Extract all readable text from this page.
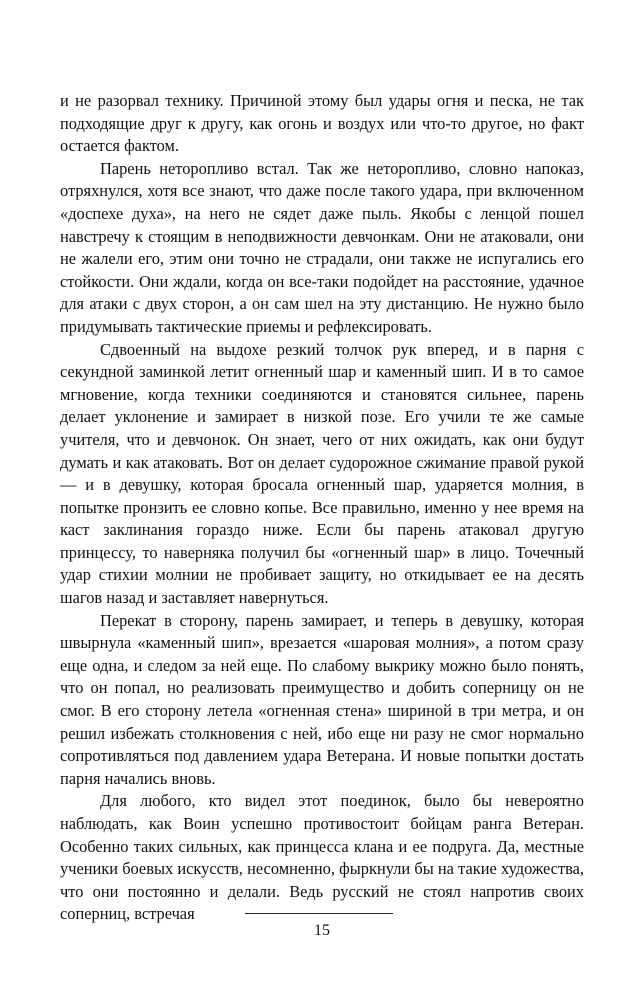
и не разорвал технику. Причиной этому был удары огня и песка, не так подходящие друг к другу, как огонь и воздух или что-то другое, но факт остается фактом.

Парень неторопливо встал. Так же неторопливо, словно напоказ, отряхнулся, хотя все знают, что даже после такого удара, при включенном «доспехе духа», на него не сядет даже пыль. Якобы с ленцой пошел навстречу к стоящим в неподвижности девчонкам. Они не атаковали, они не жалели его, этим они точно не страдали, они также не испугались его стойкости. Они ждали, когда он все-таки подойдет на расстояние, удачное для атаки с двух сторон, а он сам шел на эту дистанцию. Не нужно было придумывать тактические приемы и рефлексировать.

Сдвоенный на выдохе резкий толчок рук вперед, и в парня с секундной заминкой летит огненный шар и каменный шип. И в то самое мгновение, когда техники соединяются и становятся сильнее, парень делает уклонение и замирает в низкой позе. Его учили те же самые учителя, что и девчонок. Он знает, чего от них ожидать, как они будут думать и как атаковать. Вот он делает судорожное сжимание правой рукой — и в девушку, которая бросала огненный шар, ударяется молния, в попытке пронзить ее словно копье. Все правильно, именно у нее время на каст заклинания гораздо ниже. Если бы парень атаковал другую принцессу, то наверняка получил бы «огненный шар» в лицо. Точечный удар стихии молнии не пробивает защиту, но откидывает ее на десять шагов назад и заставляет навернуться.

Перекат в сторону, парень замирает, и теперь в девушку, которая швырнула «каменный шип», врезается «шаровая молния», а потом сразу еще одна, и следом за ней еще. По слабому выкрику можно было понять, что он попал, но реализовать преимущество и добить соперницу он не смог. В его сторону летела «огненная стена» шириной в три метра, и он решил избежать столкновения с ней, ибо еще ни разу не смог нормально сопротивляться под давлением удара Ветерана. И новые попытки достать парня начались вновь.

Для любого, кто видел этот поединок, было бы невероятно наблюдать, как Воин успешно противостоит бойцам ранга Ветеран. Особенно таких сильных, как принцесса клана и ее подруга. Да, местные ученики боевых искусств, несомненно, фыркнули бы на такие художества, что они постоянно и делали. Ведь русский не стоял напротив своих соперниц, встречая

15
